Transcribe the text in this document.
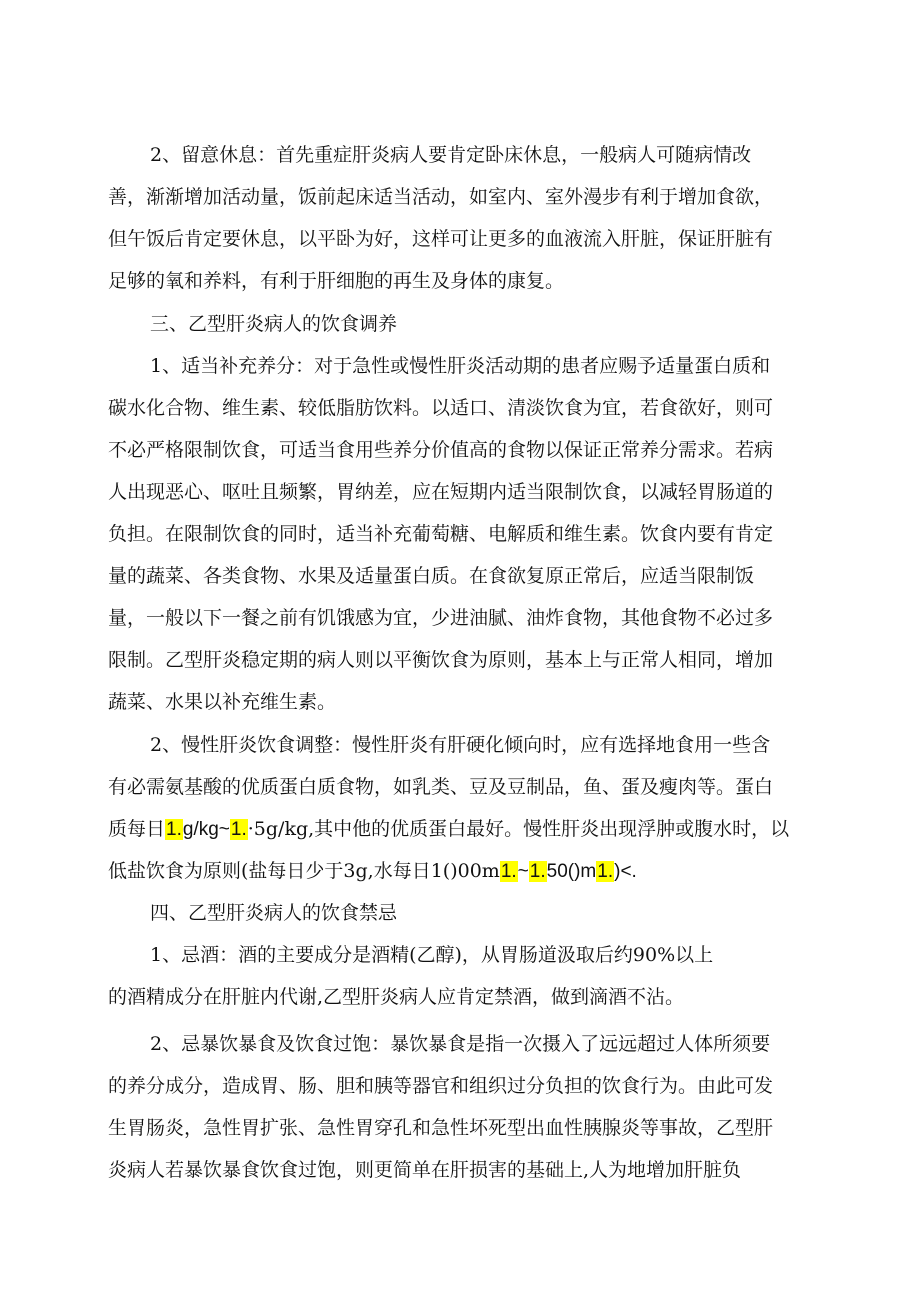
2、留意休息：首先重症肝炎病人要肯定卧床休息，一般病人可随病情改
善，渐渐增加活动量，饭前起床适当活动，如室内、室外漫步有利于增加食欲，
但午饭后肯定要休息，以平卧为好，这样可让更多的血液流入肝脏，保证肝脏有
足够的氧和养料，有利于肝细胞的再生及身体的康复。
三、乙型肝炎病人的饮食调养
1、适当补充养分：对于急性或慢性肝炎活动期的患者应赐予适量蛋白质和
碳水化合物、维生素、较低脂肪饮料。以适口、清淡饮食为宜，若食欲好，则可
不必严格限制饮食，可适当食用些养分价值高的食物以保证正常养分需求。若病
人出现恶心、呕吐且频繁，胃纳差，应在短期内适当限制饮食，以减轻胃肠道的
负担。在限制饮食的同时，适当补充葡萄糖、电解质和维生素。饮食内要有肯定
量的蔬菜、各类食物、水果及适量蛋白质。在食欲复原正常后，应适当限制饭
量，一般以下一餐之前有饥饿感为宜，少进油腻、油炸食物，其他食物不必过多
限制。乙型肝炎稳定期的病人则以平衡饮食为原则，基本上与正常人相同，增加
蔬菜、水果以补充维生素。
2、慢性肝炎饮食调整：慢性肝炎有肝硬化倾向时，应有选择地食用一些含
有必需氨基酸的优质蛋白质食物，如乳类、豆及豆制品，鱼、蛋及瘦肉等。蛋白
质每日1.g/kg~1.·5g/kg,其中他的优质蛋白最好。慢性肝炎出现浮肿或腹水时，以
低盐饮食为原则(盐每日少于3g,水每日1()00m1.~1.50()m1.)<.
四、乙型肝炎病人的饮食禁忌
1、忌酒：酒的主要成分是酒精(乙醇)，从胃肠道汲取后约90%以上
的酒精成分在肝脏内代谢,乙型肝炎病人应肯定禁酒，做到滴酒不沾。
2、忌暴饮暴食及饮食过饱：暴饮暴食是指一次摄入了远远超过人体所须要
的养分成分，造成胃、肠、胆和胰等器官和组织过分负担的饮食行为。由此可发
生胃肠炎，急性胃扩张、急性胃穿孔和急性坏死型出血性胰腺炎等事故，乙型肝
炎病人若暴饮暴食饮食过饱，则更简单在肝损害的基础上,人为地增加肝脏负
